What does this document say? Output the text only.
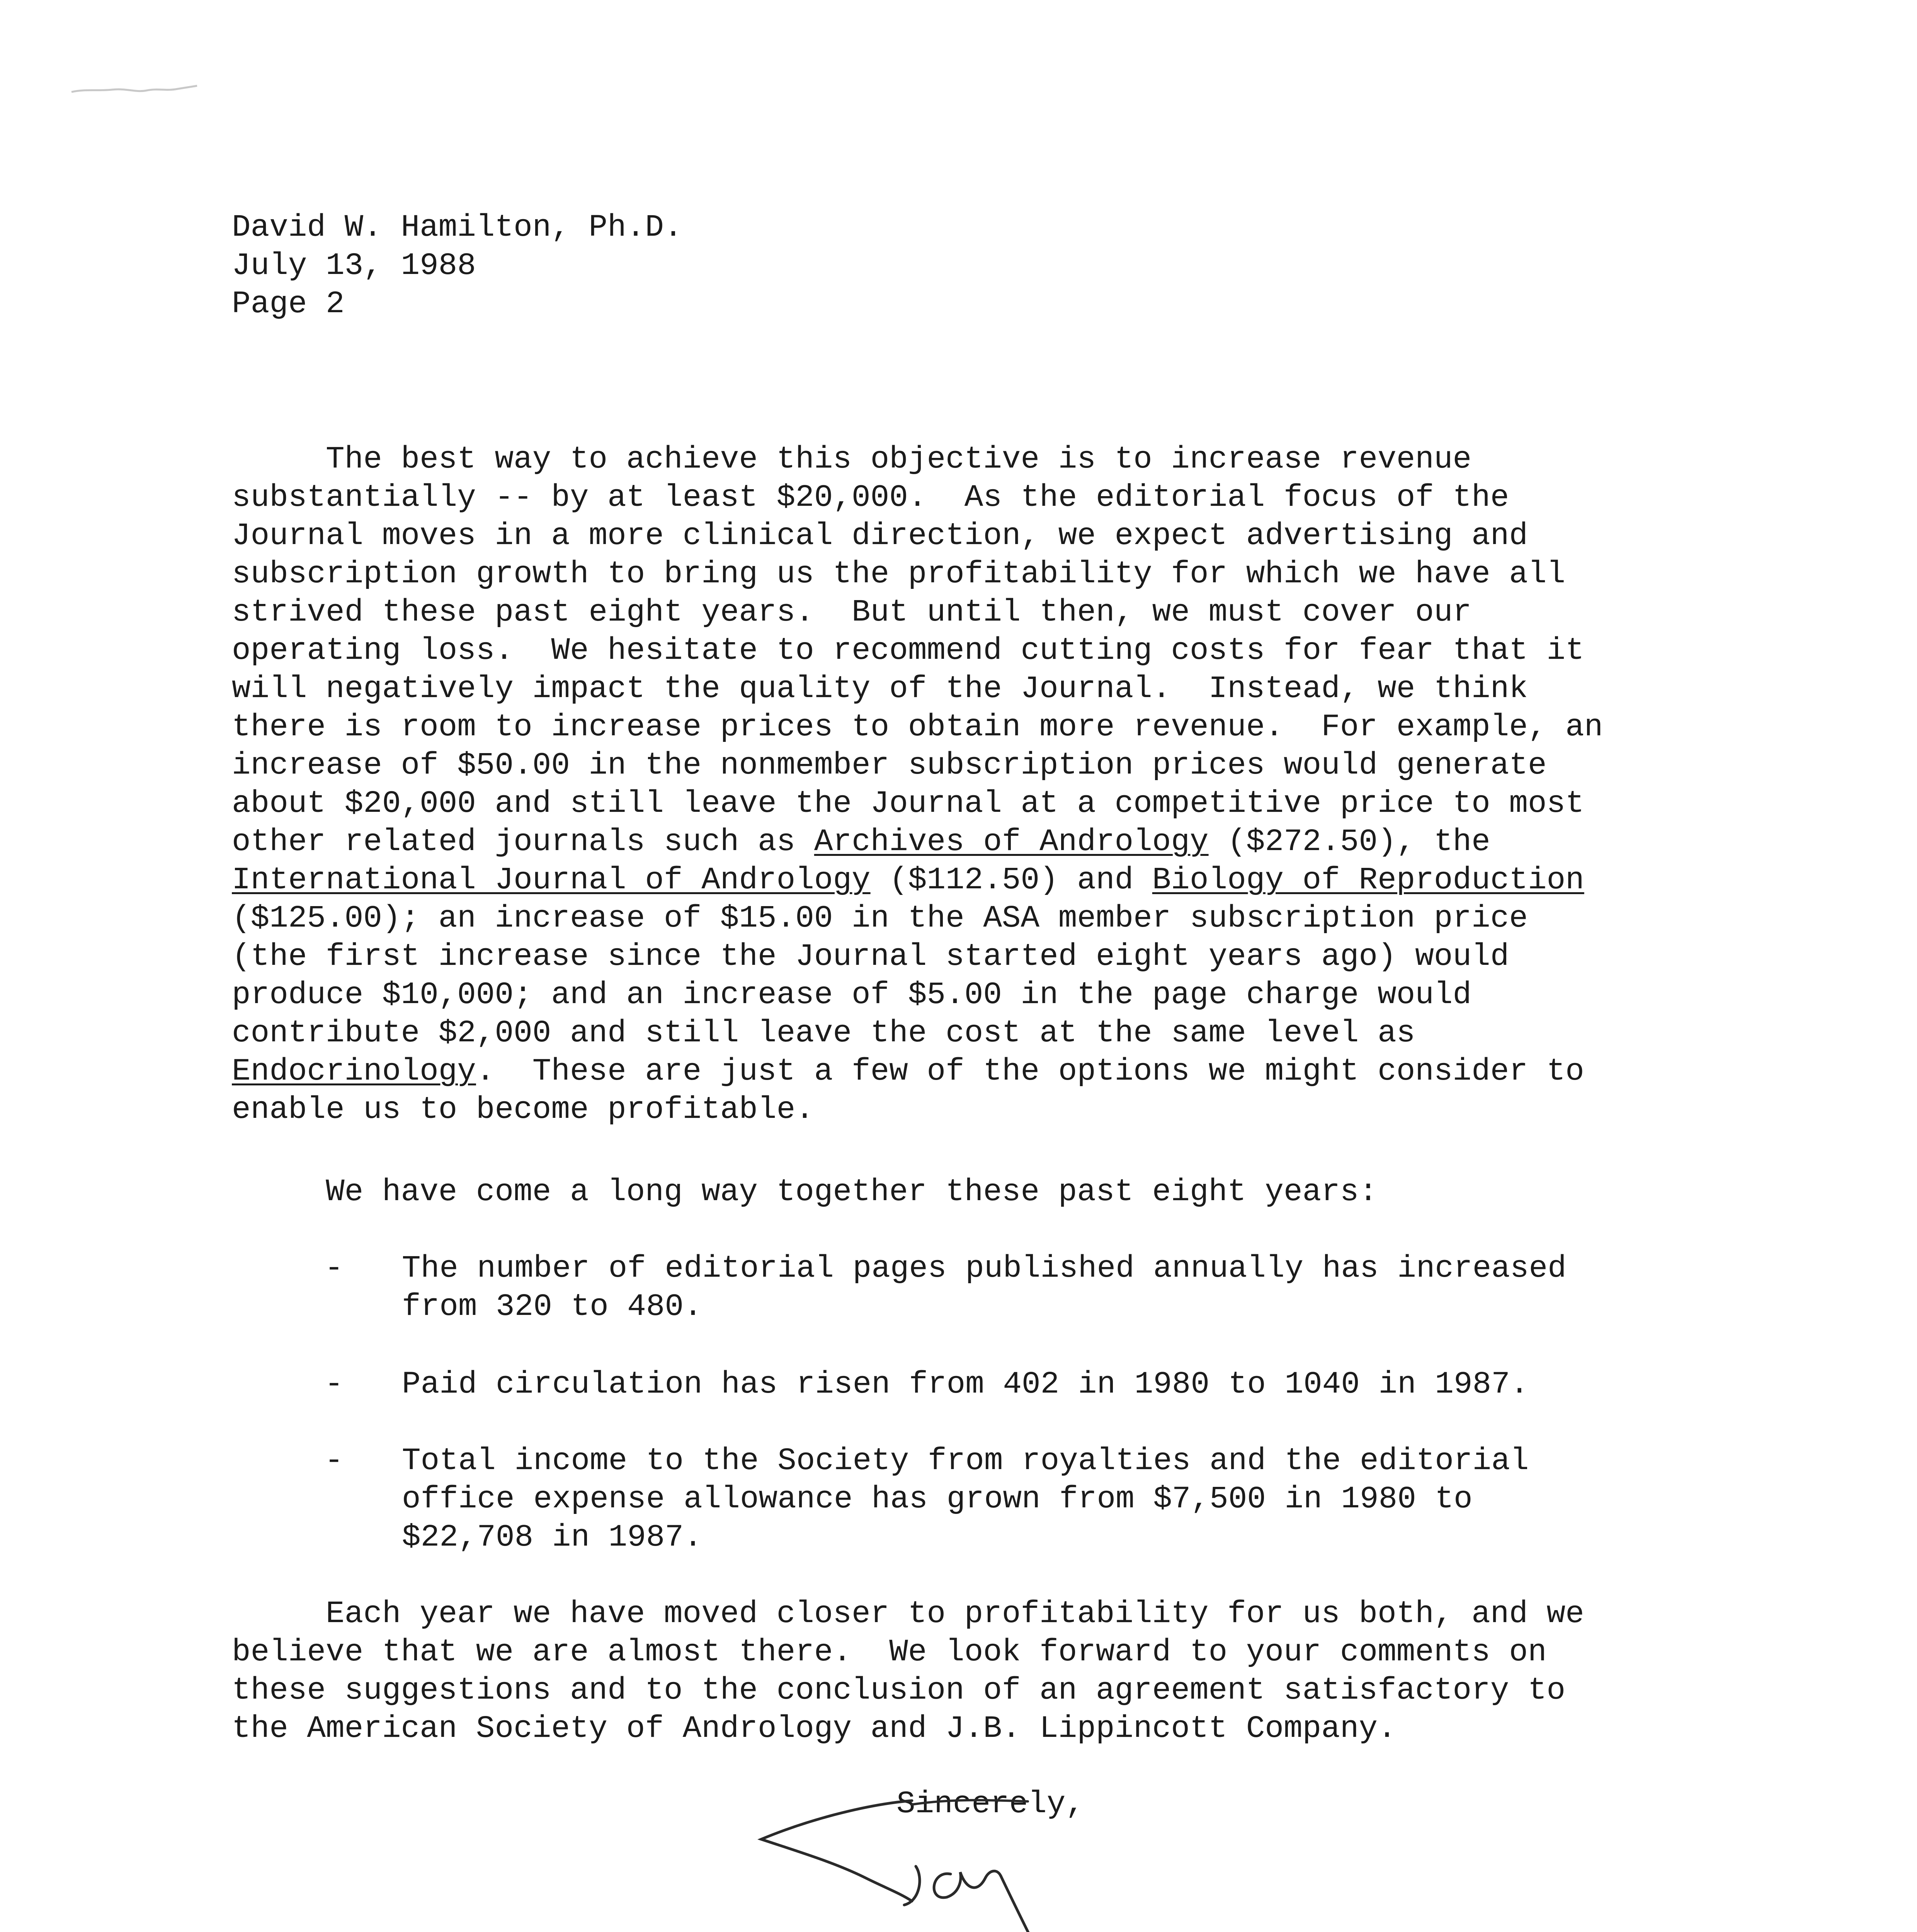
David W. Hamilton, Ph.D.
July 13, 1988
Page 2
The best way to achieve this objective is to increase revenue
substantially -- by at least $20,000.  As the editorial focus of the
Journal moves in a more clinical direction, we expect advertising and
subscription growth to bring us the profitability for which we have all
strived these past eight years.  But until then, we must cover our
operating loss.  We hesitate to recommend cutting costs for fear that it
will negatively impact the quality of the Journal.  Instead, we think
there is room to increase prices to obtain more revenue.  For example, an
increase of $50.00 in the nonmember subscription prices would generate
about $20,000 and still leave the Journal at a competitive price to most
other related journals such as Archives of Andrology ($272.50), the
International Journal of Andrology ($112.50) and Biology of Reproduction
($125.00); an increase of $15.00 in the ASA member subscription price
(the first increase since the Journal started eight years ago) would
produce $10,000; and an increase of $5.00 in the page charge would
contribute $2,000 and still leave the cost at the same level as
Endocrinology.  These are just a few of the options we might consider to
enable us to become profitable.
We have come a long way together these past eight years:

-

The number of editorial pages published annually has increased
from 320 to 480.

-

Paid circulation has risen from 402 in 1980 to 1040 in 1987.

-

Total income to the Society from royalties and the editorial
office expense allowance has grown from $7,500 in 1980 to
$22,708 in 1987.

Each year we have moved closer to profitability for us both, and we
believe that we are almost there.  We look forward to your comments on
these suggestions and to the conclusion of an agreement satisfactory to
the American Society of Andrology and J.B. Lippincott Company.
Sincerely,
